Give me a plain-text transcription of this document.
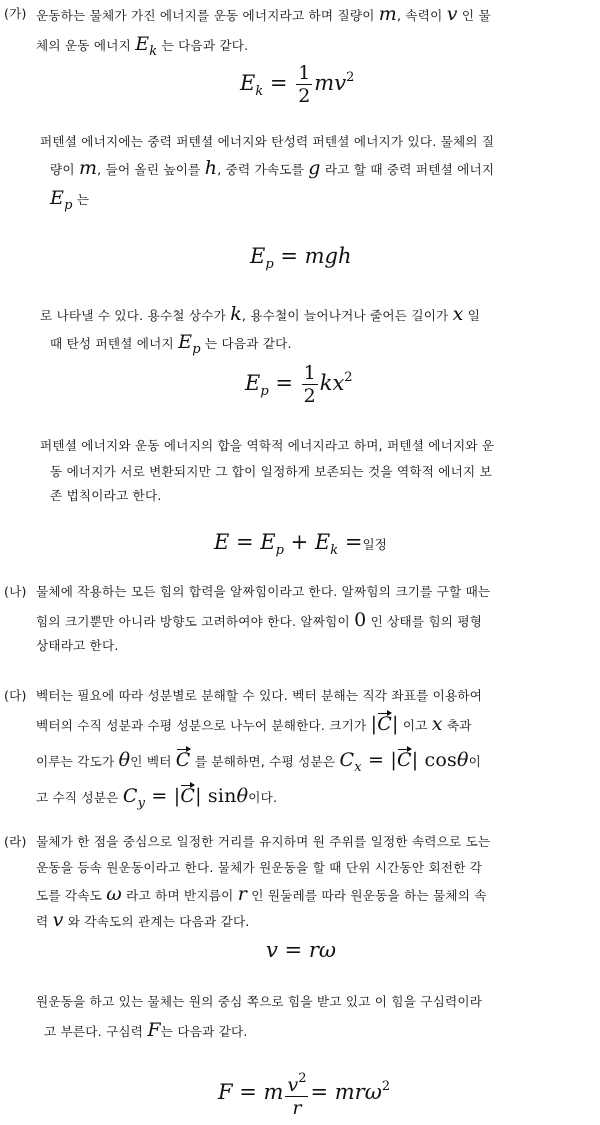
(가) 운동하는 물체가 가진 에너지를 운동 에너지라고 하며 질량이 m, 속력이 v 인 물
체의 운동 에너지 $E_k$ 는 다음과 같다.
$E_k = \frac{1}{2} mv^2$
퍼텐셜 에너지에는 중력 퍼텐셜 에너지와 탄성력 퍼텐셜 에너지가 있다. 물체의 질
량이 m, 들어 올린 높이를 h, 중력 가속도를 g 라고 할 때 중력 퍼텐셜 에너지
$E_p$ 는
$E_p$ = mgh
로 나타낼 수 있다. 용수철 상수가 k, 용수철이 늘어나거나 줄어든 길이가 x 일
때 탄성 퍼텐셜 에너지 $E_p$ 는 다음과 같다.
$E_p = \frac{1}{2} kx^2$
퍼텐셜 에너지와 운동 에너지의 합을 역학적 에너지라고 하며, 퍼텐셜 에너지와 운
동 에너지가 서로 변환되지만 그 합이 일정하게 보존되는 것을 역학적 에너지 보
존 법칙이라고 한다.
$E = E_p + E_k$ =일정
(나) 물체에 작용하는 모든 힘의 합력을 알짜힘이라고 한다. 알짜힘의 크기를 구할 때는
힘의 크기뿐만 아니라 방향도 고려하여야 한다. 알짜힘이 0 인 상태를 힘의 평형
상태라고 한다.
(다) 벡터는 필요에 따라 성분별로 분해할 수 있다. 벡터 분해는 직각 좌표를 이용하여
벡터의 수직 성분과 수평 성분으로 나누어 분해한다. 크기가 |C| 이고 x 축과
이루는 각도가 θ인 벡터 C 를 분해하면, 수평 성분은 $C_x = |C|$ cosθ이
고 수직 성분은 $C_y = |C|$ sinθ이다.
(라) 물체가 한 점을 중심으로 일정한 거리를 유지하며 원 주위를 일정한 속력으로 도는
운동을 등속 원운동이라고 한다. 물체가 원운동을 할 때 단위 시간동안 회전한 각
도를 각속도 ω 라고 하며 반지름이 r 인 원둘레를 따라 원운동을 하는 물체의 속
력 v 와 각속도의 관계는 다음과 같다.
v = rω
원운동을 하고 있는 물체는 원의 중심 쪽으로 힘을 받고 있고 이 힘을 구심력이라
고 부른다. 구심력 F는 다음과 같다.
F = m $\frac{v^2}{r} = mr\omega^2$
